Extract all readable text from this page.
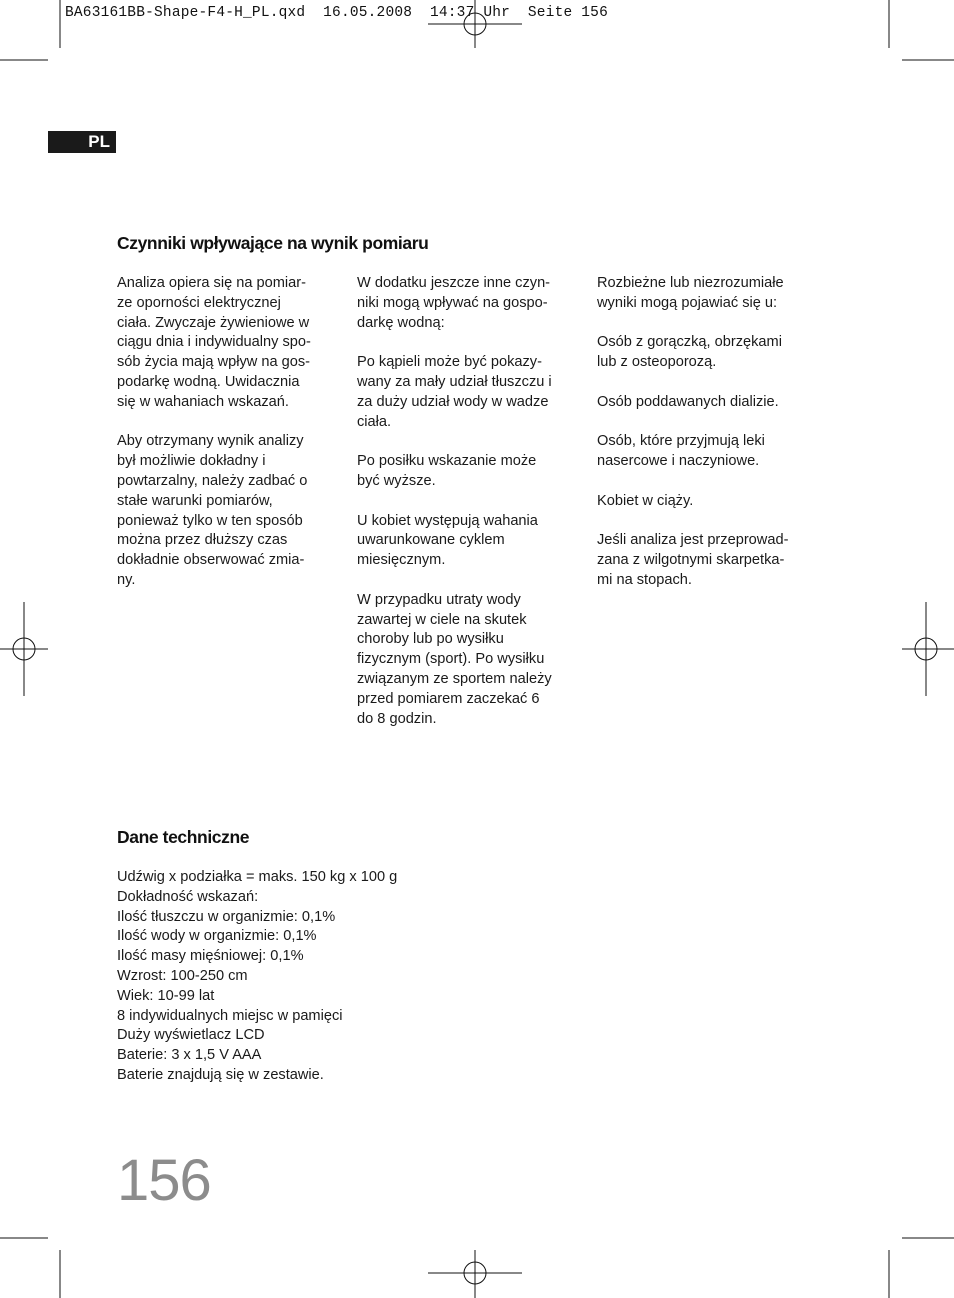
BA63161BB-Shape-F4-H_PL.qxd  16.05.2008  14:37 Uhr  Seite 156
PL
Czynniki wpływające na wynik pomiaru

Analiza opiera się na pomiar-
ze oporności elektrycznej
ciała. Zwyczaje żywieniowe w
ciągu dnia i indywidualny spo-
sób życia mają wpływ na gos-
podarkę wodną. Uwidacznia
się w wahaniach wskazań.

Aby otrzymany wynik analizy
był możliwie dokładny i
powtarzalny, należy zadbać o
stałe warunki pomiarów,
ponieważ tylko w ten sposób
można przez dłuższy czas
dokładnie obserwować zmia-
ny.

W dodatku jeszcze inne czyn-
niki mogą wpływać na gospo-
darkę wodną:

Po kąpieli może być pokazy-
wany za mały udział tłuszczu i
za duży udział wody w wadze
ciała.

Po posiłku wskazanie może
być wyższe.

U kobiet występują wahania
uwarunkowane cyklem
miesięcznym.

W przypadku utraty wody
zawartej w ciele na skutek
choroby lub po wysiłku
fizycznym (sport). Po wysiłku
związanym ze sportem należy
przed pomiarem zaczekać 6
do 8 godzin.

Rozbieżne lub niezrozumiałe
wyniki mogą pojawiać się u:

Osób z gorączką, obrzękami
lub z osteoporozą.

Osób poddawanych dializie.

Osób, które przyjmują leki
nasercowe i naczyniowe.

Kobiet w ciąży.

Jeśli analiza jest przeprowad-
zana z wilgotnymi skarpetka-
mi na stopach.

Dane techniczne
Udźwig x podziałka = maks. 150 kg x 100 g
Dokładność wskazań:
Ilość tłuszczu w organizmie: 0,1%
Ilość wody w organizmie: 0,1%
Ilość masy mięśniowej: 0,1%
Wzrost: 100-250 cm
Wiek: 10-99 lat
8 indywidualnych miejsc w pamięci
Duży wyświetlacz LCD
Baterie: 3 x 1,5 V AAA
Baterie znajdują się w zestawie.
156
